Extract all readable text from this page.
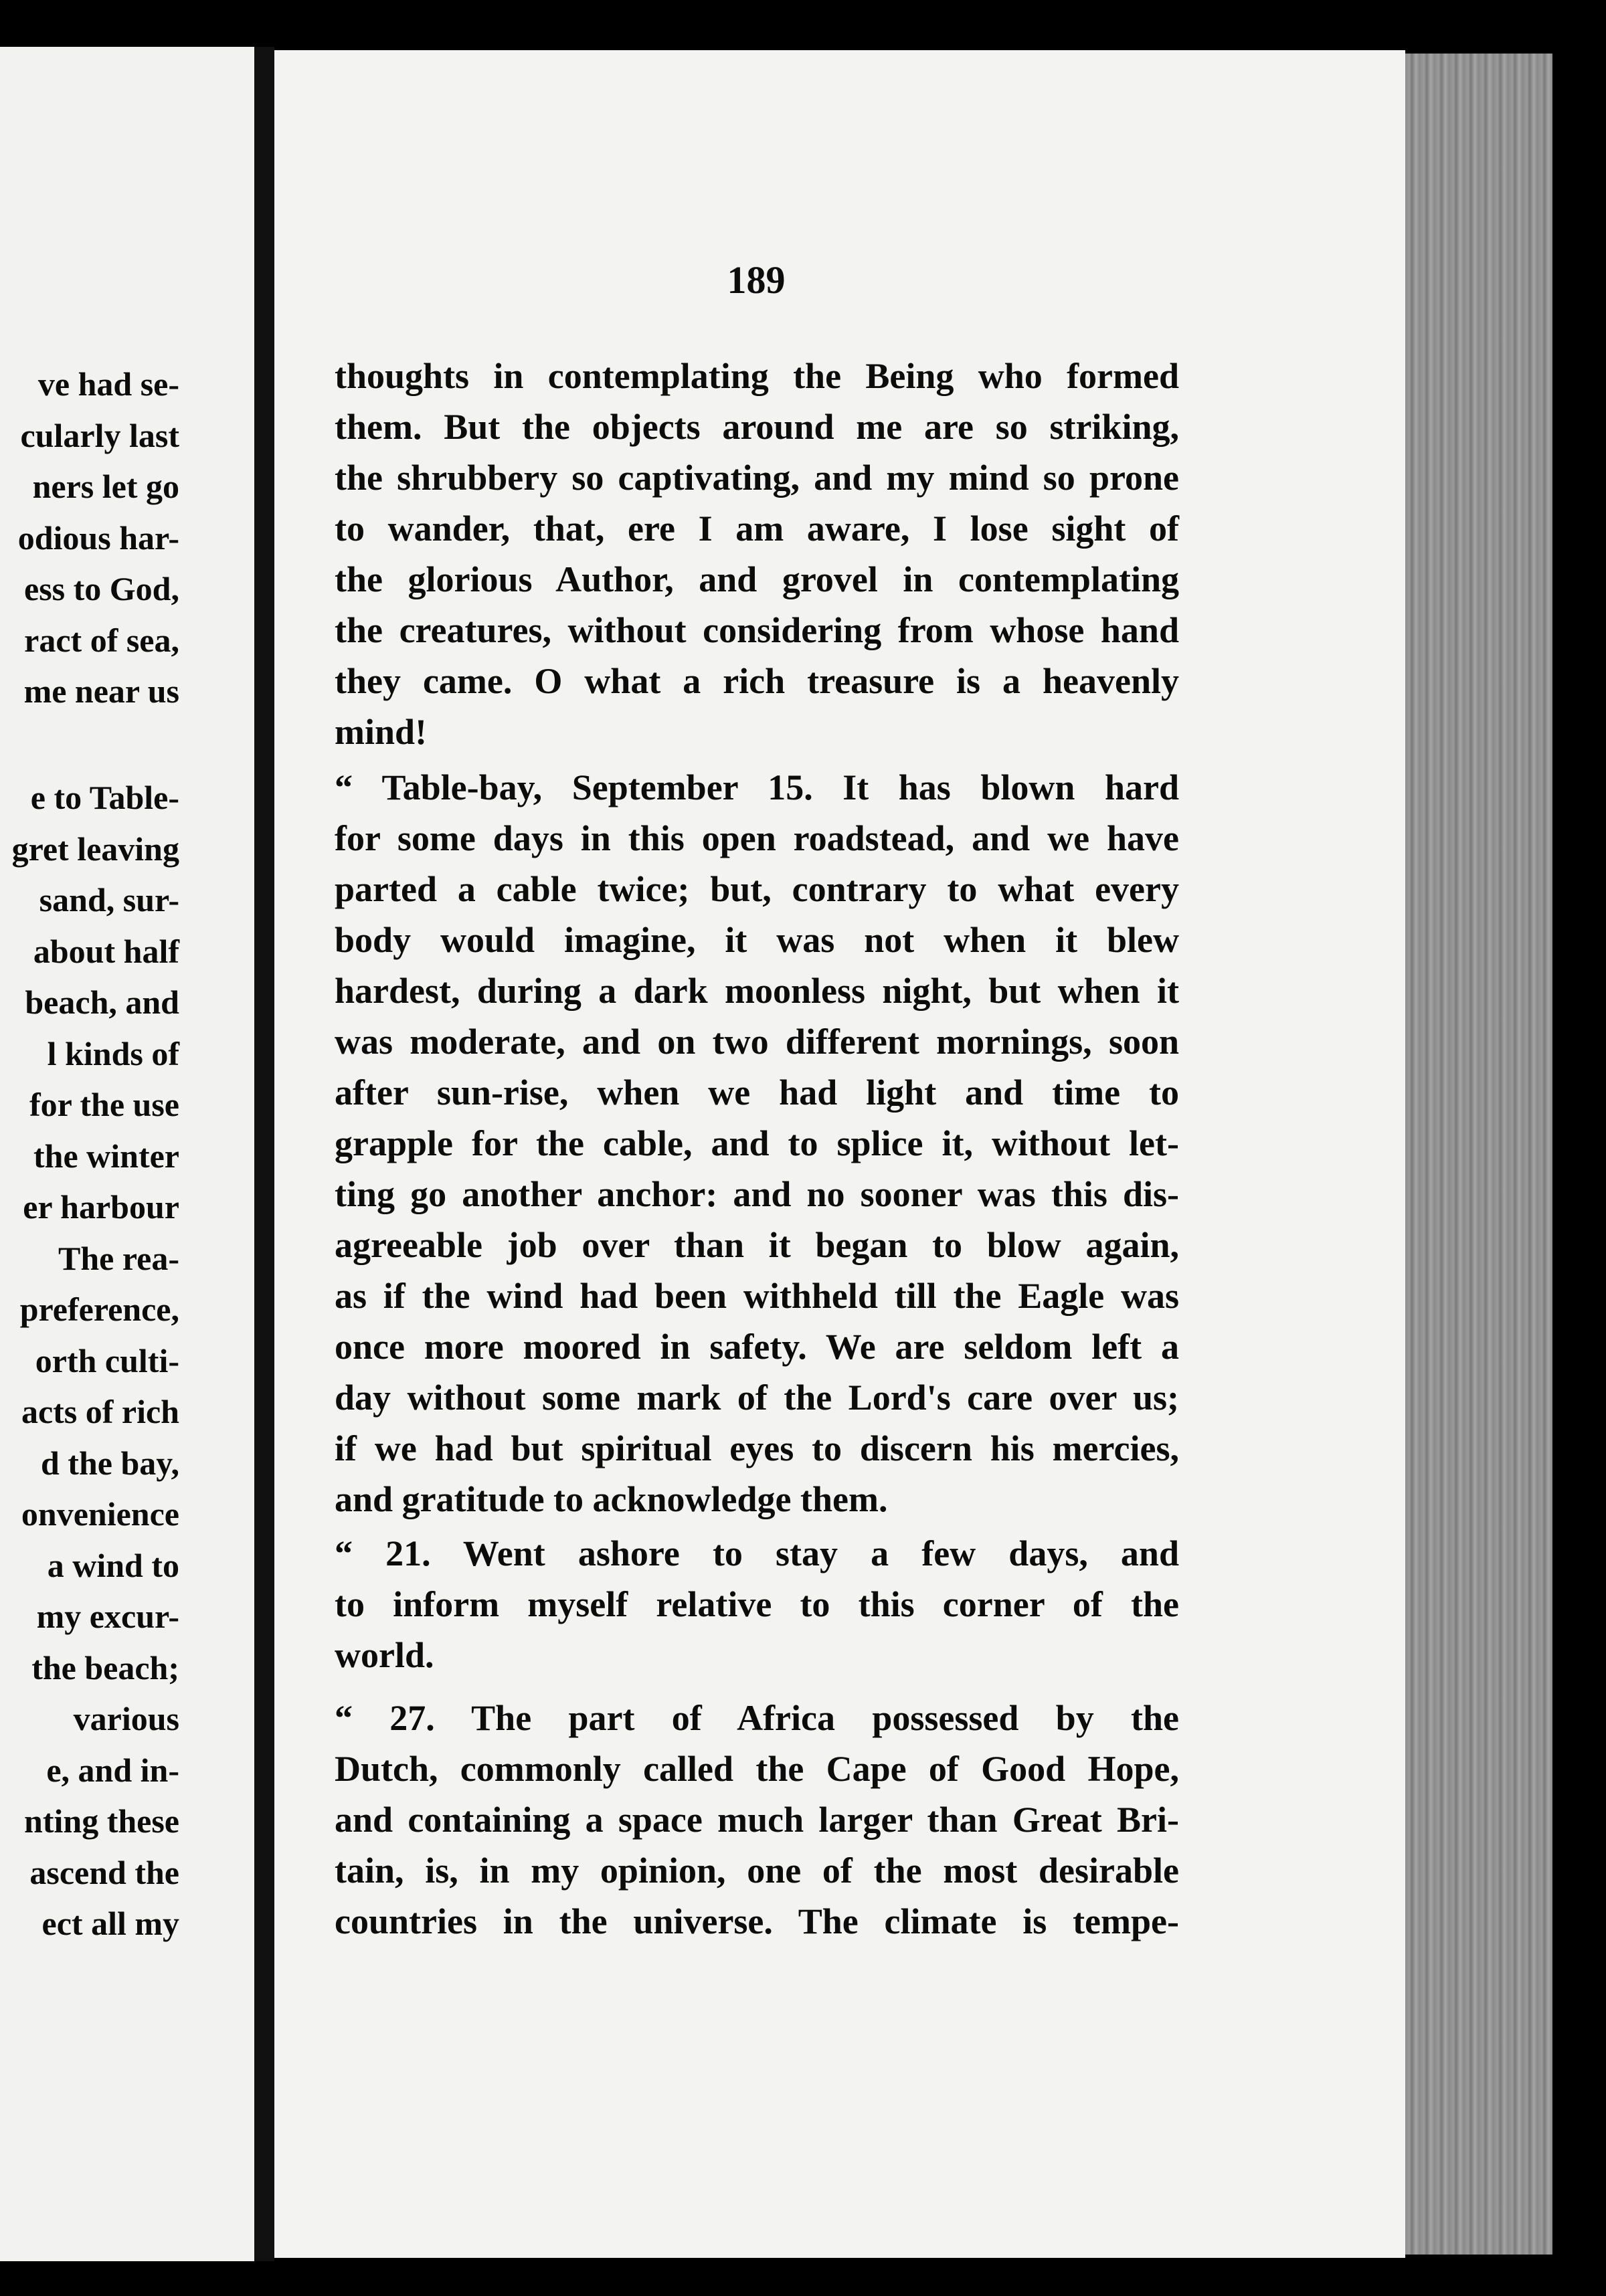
ve had se-
cularly last
ners let go
odious har-
ess to God,
ract of sea,
me near us
e to Table-
gret leaving
sand, sur-
about half
beach, and
l kinds of
for the use
the winter
er harbour
The rea-
preference,
orth culti-
acts of rich
d the bay,
onvenience
a wind to
my excur-
the beach;
various
e, and in-
nting these
ascend the
ect all my
189
thoughts in contemplating the Being who formed
them. But the objects around me are so striking,
the shrubbery so captivating, and my mind so prone
to wander, that, ere I am aware, I lose sight of
the glorious Author, and grovel in contemplating
the creatures, without considering from whose hand
they came. O what a rich treasure is a heavenly
mind!
“ Table-bay, September 15. It has blown hard
for some days in this open roadstead, and we have
parted a cable twice; but, contrary to what every
body would imagine, it was not when it blew
hardest, during a dark moonless night, but when it
was moderate, and on two different mornings, soon
after sun-rise, when we had light and time to
grapple for the cable, and to splice it, without let-
ting go another anchor: and no sooner was this dis-
agreeable job over than it began to blow again,
as if the wind had been withheld till the Eagle was
once more moored in safety. We are seldom left a
day without some mark of the Lord's care over us;
if we had but spiritual eyes to discern his mercies,
and gratitude to acknowledge them.
“ 21. Went ashore to stay a few days, and
to inform myself relative to this corner of the
world.
“ 27. The part of Africa possessed by the
Dutch, commonly called the Cape of Good Hope,
and containing a space much larger than Great Bri-
tain, is, in my opinion, one of the most desirable
countries in the universe. The climate is tempe-
